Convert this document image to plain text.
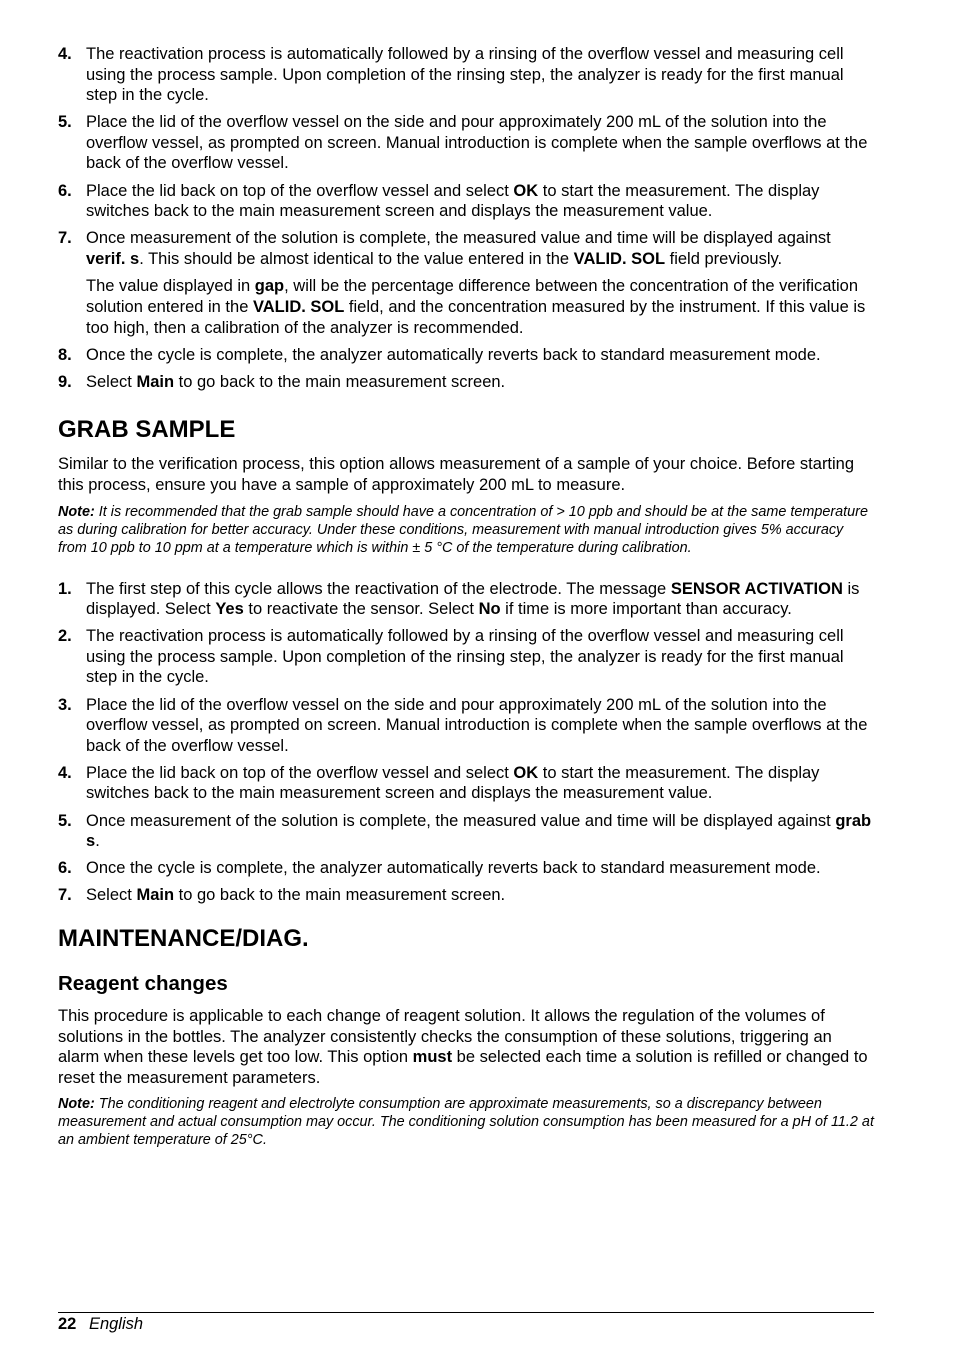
4. The reactivation process is automatically followed by a rinsing of the overflow vessel and measuring cell using the process sample. Upon completion of the rinsing step, the analyzer is ready for the first manual step in the cycle.

5. Place the lid of the overflow vessel on the side and pour approximately 200 mL of the solution into the overflow vessel, as prompted on screen. Manual introduction is complete when the sample overflows at the back of the overflow vessel.

6. Place the lid back on top of the overflow vessel and select OK to start the measurement. The display switches back to the main measurement screen and displays the measurement value.

7. Once measurement of the solution is complete, the measured value and time will be displayed against verif. s. This should be almost identical to the value entered in the VALID. SOL field previously.

The value displayed in gap, will be the percentage difference between the concentration of the verification solution entered in the VALID. SOL field, and the concentration measured by the instrument. If this value is too high, then a calibration of the analyzer is recommended.

8. Once the cycle is complete, the analyzer automatically reverts back to standard measurement mode.

9. Select Main to go back to the main measurement screen.

GRAB SAMPLE

Similar to the verification process, this option allows measurement of a sample of your choice. Before starting this process, ensure you have a sample of approximately 200 mL to measure.

Note: It is recommended that the grab sample should have a concentration of > 10 ppb and should be at the same temperature as during calibration for better accuracy. Under these conditions, measurement with manual introduction gives 5% accuracy from 10 ppb to 10 ppm at a temperature which is within ± 5 °C of the temperature during calibration.

1. The first step of this cycle allows the reactivation of the electrode. The message SENSOR ACTIVATION is displayed. Select Yes to reactivate the sensor. Select No if time is more important than accuracy.

2. The reactivation process is automatically followed by a rinsing of the overflow vessel and measuring cell using the process sample. Upon completion of the rinsing step, the analyzer is ready for the first manual step in the cycle.

3. Place the lid of the overflow vessel on the side and pour approximately 200 mL of the solution into the overflow vessel, as prompted on screen. Manual introduction is complete when the sample overflows at the back of the overflow vessel.

4. Place the lid back on top of the overflow vessel and select OK to start the measurement. The display switches back to the main measurement screen and displays the measurement value.

5. Once measurement of the solution is complete, the measured value and time will be displayed against grab s.

6. Once the cycle is complete, the analyzer automatically reverts back to standard measurement mode.

7. Select Main to go back to the main measurement screen.

MAINTENANCE/DIAG.
Reagent changes

This procedure is applicable to each change of reagent solution. It allows the regulation of the volumes of solutions in the bottles. The analyzer consistently checks the consumption of these solutions, triggering an alarm when these levels get too low. This option must be selected each time a solution is refilled or changed to reset the measurement parameters.

Note: The conditioning reagent and electrolyte consumption are approximate measurements, so a discrepancy between measurement and actual consumption may occur. The conditioning solution consumption has been measured for a pH of 11.2 at an ambient temperature of 25°C.

22 English
